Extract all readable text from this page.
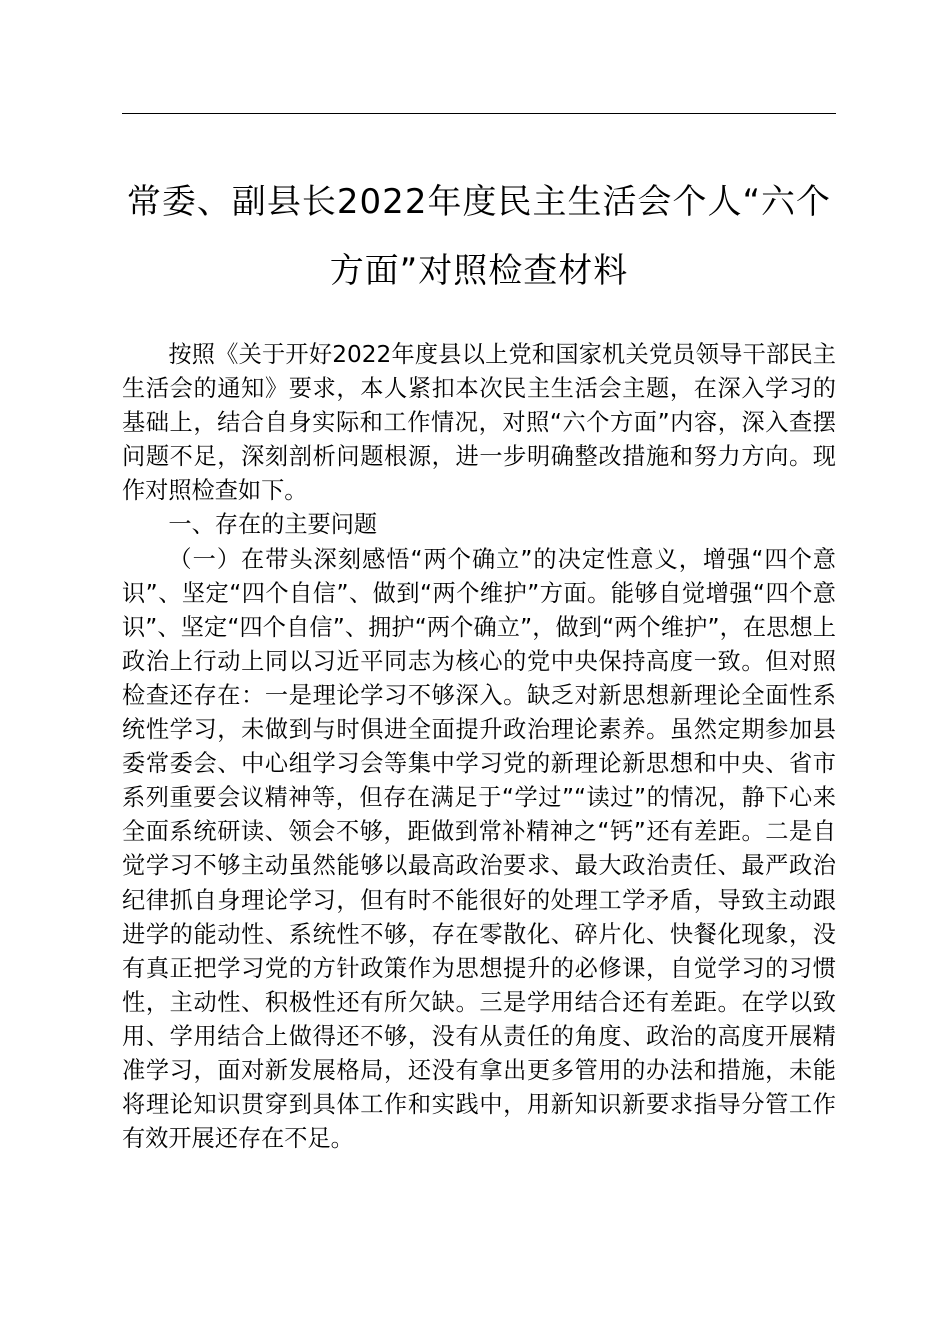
常委、副县长2022年度民主生活会个人“六个
方面”对照检查材料

按照《关于开好2022年度县以上党和国家机关党员领导干部民主生活会的通知》要求，本人紧扣本次民主生活会主题，在深入学习的基础上，结合自身实际和工作情况，对照“六个方面”内容，深入查摆问题不足，深刻剖析问题根源，进一步明确整改措施和努力方向。现作对照检查如下。

一、存在的主要问题

（一）在带头深刻感悟“两个确立”的决定性意义，增强“四个意识”、坚定“四个自信”、做到“两个维护”方面。能够自觉增强“四个意识”、坚定“四个自信”、拥护“两个确立”，做到“两个维护”，在思想上政治上行动上同以习近平同志为核心的党中央保持高度一致。但对照检查还存在：一是理论学习不够深入。缺乏对新思想新理论全面性系统性学习，未做到与时俱进全面提升政治理论素养。虽然定期参加县委常委会、中心组学习会等集中学习党的新理论新思想和中央、省市系列重要会议精神等，但存在满足于“学过”“读过”的情况，静下心来全面系统研读、领会不够，距做到常补精神之“钙”还有差距。二是自觉学习不够主动虽然能够以最高政治要求、最大政治责任、最严政治纪律抓自身理论学习，但有时不能很好的处理工学矛盾，导致主动跟进学的能动性、系统性不够，存在零散化、碎片化、快餐化现象，没有真正把学习党的方针政策作为思想提升的必修课，自觉学习的习惯性，主动性、积极性还有所欠缺。三是学用结合还有差距。在学以致用、学用结合上做得还不够，没有从责任的角度、政治的高度开展精准学习，面对新发展格局，还没有拿出更多管用的办法和措施，未能将理论知识贯穿到具体工作和实践中，用新知识新要求指导分管工作有效开展还存在不足。
